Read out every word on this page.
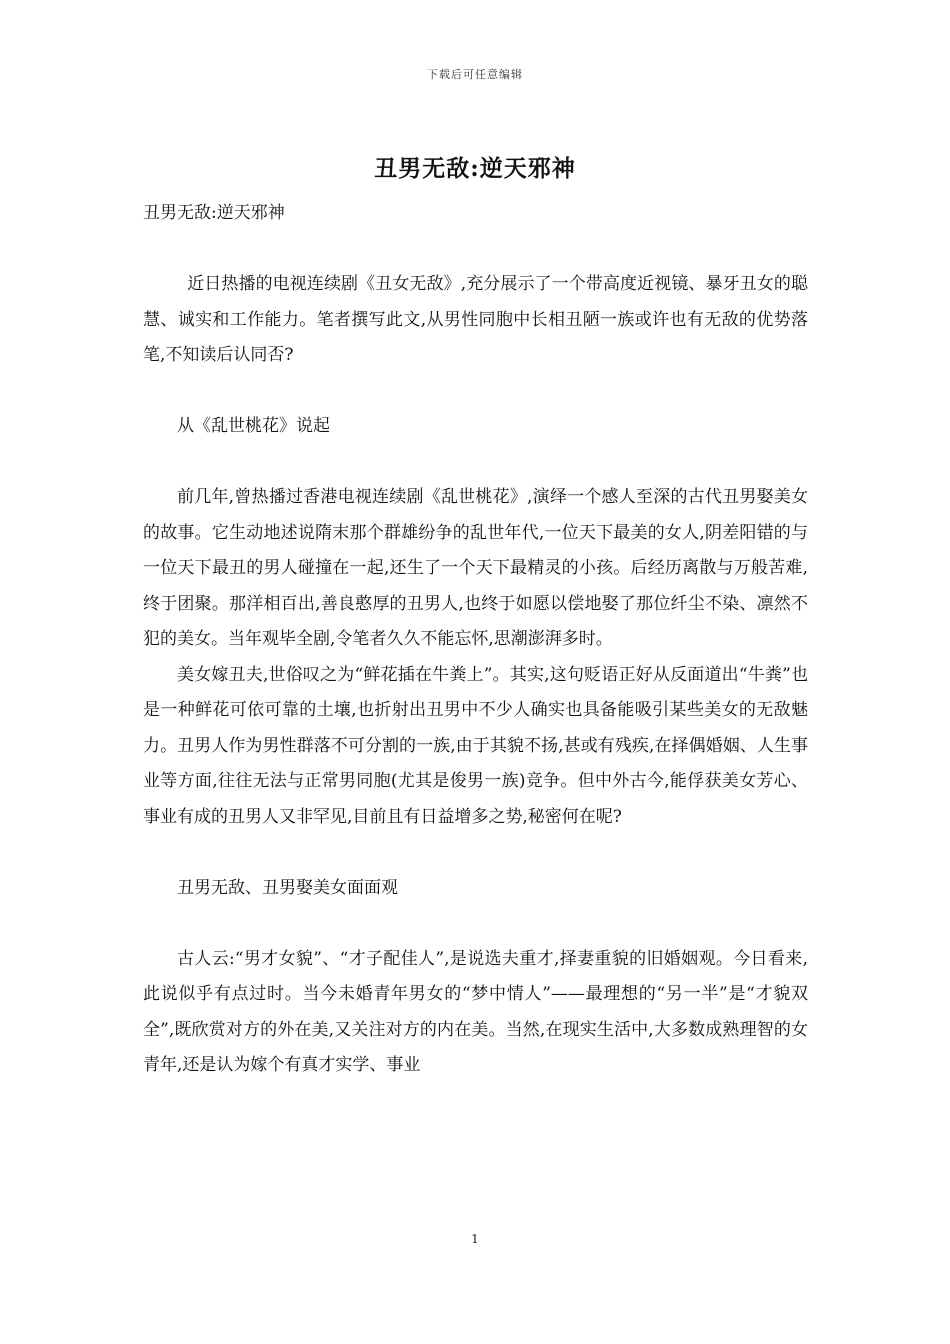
下载后可任意编辑
丑男无敌:逆天邪神

丑男无敌:逆天邪神

近日热播的电视连续剧《丑女无敌》,充分展示了一个带高度近视镜、暴牙丑女的聪慧、诚实和工作能力。笔者撰写此文,从男性同胞中长相丑陋一族或许也有无敌的优势落笔,不知读后认同否?

从《乱世桃花》说起

前几年,曾热播过香港电视连续剧《乱世桃花》,演绎一个感人至深的古代丑男娶美女的故事。它生动地述说隋末那个群雄纷争的乱世年代,一位天下最美的女人,阴差阳错的与一位天下最丑的男人碰撞在一起,还生了一个天下最精灵的小孩。后经历离散与万般苦难,终于团聚。那洋相百出,善良憨厚的丑男人,也终于如愿以偿地娶了那位纤尘不染、凛然不犯的美女。当年观毕全剧,令笔者久久不能忘怀,思潮澎湃多时。

美女嫁丑夫,世俗叹之为“鲜花插在牛粪上”。其实,这句贬语正好从反面道出“牛粪”也是一种鲜花可依可靠的土壤,也折射出丑男中不少人确实也具备能吸引某些美女的无敌魅力。丑男人作为男性群落不可分割的一族,由于其貌不扬,甚或有残疾,在择偶婚姻、人生事业等方面,往往无法与正常男同胞(尤其是俊男一族)竞争。但中外古今,能俘获美女芳心、事业有成的丑男人又非罕见,目前且有日益增多之势,秘密何在呢?

丑男无敌、丑男娶美女面面观

古人云:“男才女貌”、“才子配佳人”,是说选夫重才,择妻重貌的旧婚姻观。今日看来,此说似乎有点过时。当今未婚青年男女的“梦中情人”——最理想的“另一半”是“才貌双全”,既欣赏对方的外在美,又关注对方的内在美。当然,在现实生活中,大多数成熟理智的女青年,还是认为嫁个有真才实学、事业

1
